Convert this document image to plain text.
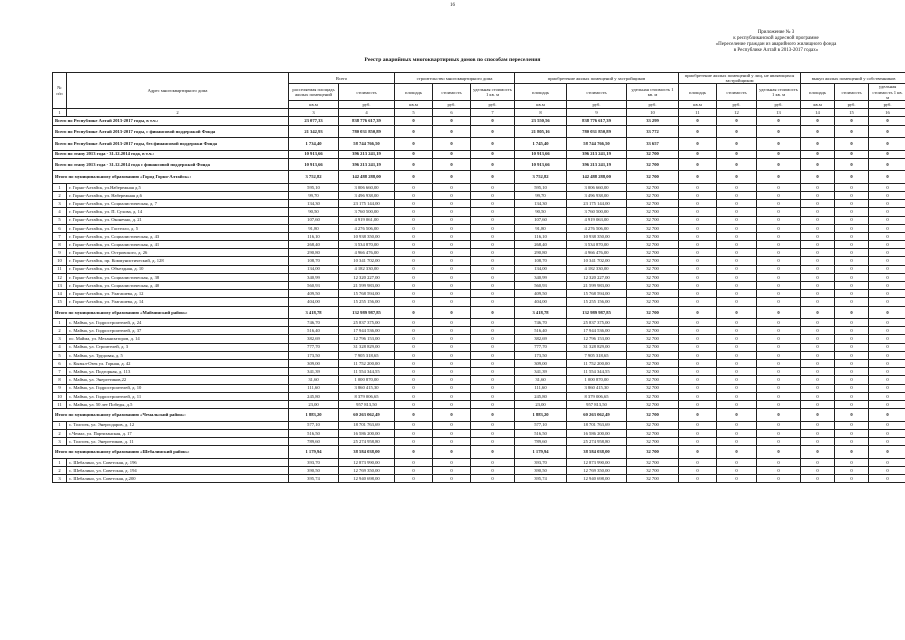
16
Приложение № 3
к республиканской адресной программе
«Переселение граждан из аварийного жилищного фонда
в Республике Алтай в 2013-2017 годах»
Реестр аварийных многоквартирных домов по способам переселения
№ п/п	Адрес многоквартирного дома	Всего		строительство многоквартирного дома			приобретение жилых помещений у застройщиков			приобретение жилых помещений у лиц, не являющихся застройщиком			выкуп жилых помещений у собственников		
		расселяемая площадь жилых помещений	стоимость	площадь	стоимость	удельная стоимость 1 кв. м	площадь	стоимость	удельная стоимость 1 кв. м	площадь	стоимость	удельная стоимость 1 кв. м	площадь	стоимость	удельная стоимость 1 кв. м
		кв.м	руб.	кв.м	руб.	руб.	кв.м	руб.	руб.	кв.м	руб.	руб.	кв.м	руб.	руб.
1	2	3	4	5	6	7	8	9	10	11	12	13	14	15	16
Всего по Республике Алтай 2013-2017 годы, в т.ч.:		23 077,33	838 776 617,39	0	0	0	23 550,56	838 776 617,39	33 299	0	0	0	0	0	0
Всего по Республике Алтай 2013-2017 годы, с финансовой поддержкой Фонда		21 342,93	780 031 850,89	0	0	0	21 805,16	780 031 850,89	33 772	0	0	0	0	0	0
Всего по Республике Алтай 2013-2017 годы, без финансовой поддержки Фонда		1 734,40	58 744 766,50	0	0	0	1 745,40	58 744 766,50	33 657	0	0	0	0	0	0
Всего по этапу 2013 года - 31.12.2014 года, в т.ч.:		10 913,66	396 213 241,19	0	0	0	10 913,66	396 213 241,19	32 700	0	0	0	0	0	0
Всего по этапу 2013 года - 31.12.2014 года с финансовой поддержкой Фонда		10 913,66	396 213 241,19	0	0	0	10 913,66	396 213 241,19	32 700	0	0	0	0	0	0
Итого по муниципальному образованию «Город Горно-Алтайск»:		3 752,82	142 488 288,00	0	0	0	3 752,82	142 488 288,00	32 700	0	0	0	0	0	0
1	г. Горно-Алтайск, ул.Набережная д.5	595,10	3 006 660,00	0	0	0	595,10	3 006 660,00	32 700	0	0	0	0	0	0
2	г. Горно-Алтайск, ул. Набережная д.6	99,70	3 496 938,00	0	0	0	99,70	3 496 938,00	32 700	0	0	0	0	0	0
3	г. Горно-Алтайск, ул. Социалистическая, д. 7	134,30	23 175 144,00	0	0	0	134,30	23 175 144,00	32 700	0	0	0	0	0	0
4	г. Горно-Алтайск, ул. П. Сухова, д. 14	90,50	3 760 500,00	0	0	0	90,50	3 760 500,00	32 700	0	0	0	0	0	0
5	г. Горно-Алтайск, ул. Оконечно, д. 21	107,60	4 919 061,00	0	0	0	107,60	4 919 063,00	32 700	0	0	0	0	0	0
6	г. Горно-Алтайск, ул. Гастелло, д. 5	91,80	4 276 506,00	0	0	0	91,80	4 276 506,00	32 700	0	0	0	0	0	0
7	г. Горно-Алтайск, ул. Социалистическая, д. 43	116,10	10 938 350,00	0	0	0	116,10	10 938 350,00	32 700	0	0	0	0	0	0
8	г. Горно-Алтайск, ул. Социалистическая, д. 41	268,40	3 534 870,00	0	0	0	268,40	3 534 870,00	32 700	0	0	0	0	0	0
9	г. Горно-Алтайск, ул. Островского, д. 26	290,80	4 966 476,00	0	0	0	290,80	4 966 476,00	32 700	0	0	0	0	0	0
10	г. Горно-Алтайск, пр. Коммунистический, д. 128	108,70	10 341 702,00	0	0	0	108,70	10 341 702,00	32 700	0	0	0	0	0	0
11	г. Горно-Алтайск, ул. Объездная, д. 10	134,00	4 182 330,00	0	0	0	134,00	4 182 330,00	32 700	0	0	0	0	0	0
12	г. Горно-Алтайск, ул. Социалистическая, д. 38	340,99	12 320 227,00	0	0	0	340,99	12 320 227,00	32 700	0	0	0	0	0	0
13	г. Горно-Алтайск, ул. Социалистическая, д. 40	560,93	21 599 983,00	0	0	0	560,93	21 599 983,00	32 700	0	0	0	0	0	0
14	г. Горно-Алтайск, ул. Улагашева, д. 12	409,50	15 768 594,00	0	0	0	409,50	15 768 594,00	32 700	0	0	0	0	0	0
15	г. Горно-Алтайск, ул. Улагашева, д. 14	404,00	15 255 156,00	0	0	0	404,00	15 255 156,00	32 700	0	0	0	0	0	0
Итого по муниципальному образованию «Майминский район»:		3 418,78	132 989 987,85	0	0	0	3 418,78	132 989 987,85	32 700	0	0	0	0	0	0
1	с. Майма, ул. Гидростроителей, д. 24	746,70	25 837 375,00	0	0	0	746,70	25 837 375,00	32 700	0	0	0	0	0	0
2	с. Майма, ул. Гидростроителей, д. 37	516,40	17 944 536,00	0	0	0	516,40	17 944 536,00	32 700	0	0	0	0	0	0
3	пс. Майма, ул. Механизаторов, д. 14	382,69	12 796 153,00	0	0	0	382,69	12 796 153,00	32 700	0	0	0	0	0	0
4	с. Майма, ул. Строителей, д. 3	777,70	31 328 829,00	0	0	0	777,70	31 328 829,00	32 700	0	0	0	0	0	0
5	с. Майма, ул. Трудовая, д. 5	173,50	7 905 318,65	0	0	0	173,50	7 905 318,65	32 700	0	0	0	0	0	0
6	с. Кызыл-Озек ул. Горная, д. 42	309,00	11 752 200,00	0	0	0	309,00	11 752 200,00	32 700	0	0	0	0	0	0
7	с. Майма, ул. Подгорная, д. 113	341,39	11 554 344,55	0	0	0	341,39	11 554 344,55	32 700	0	0	0	0	0	0
8	с. Майма, ул. Энергетиков,22	31,60	1 000 870,00	0	0	0	31,60	1 000 870,00	32 700	0	0	0	0	0	0
9	с. Майма, ул. Гидростроителей, д. 10	111,60	3 860 415,30	0	0	0	111,60	3 860 415,30	32 700	0	0	0	0	0	0
10	с. Майма, ул. Гидростроителей, д. 11	245,80	8 379 006,65	0	0	0	245,80	8 379 006,65	32 700	0	0	0	0	0	0
11	с. Майма, ул. 50 лет Победы, д.5	23,00	957 813,50	0	0	0	23,00	957 813,50	32 700	0	0	0	0	0	0
Итого по муниципальному образованию «Чемальский район»:		1 883,20	60 263 062,49	0	0	0	1 883,20	60 263 062,49	32 700	0	0	0	0	0	0
1	с. Толгоек, ул. Энергодаров, д. 12	577,10	18 701 763,69	0	0	0	577,10	18 701 763,69	32 700	0	0	0	0	0	0
2	с.Чемал, ул. Партизанская, д. 17	516,50	16 586 200,00	0	0	0	516,50	16 586 200,00	32 700	0	0	0	0	0	0
3	с. Толгоек, ул. Энергетиков, д. 11	789,60	25 274 958,80	0	0	0	789,60	25 274 958,80	32 700	0	0	0	0	0	0
Итого по муниципальному образованию «Шебалинский район»:		1 179,94	38 584 038,00	0	0	0	1 179,94	38 584 038,00	32 700	0	0	0	0	0	0
1	с. Шебалино, ул. Советская, д. 196	393,70	12 873 990,00	0	0	0	393,70	12 873 990,00	32 700	0	0	0	0	0	0
2	с. Шебалино, ул. Советская, д. 194	390,50	12 769 350,00	0	0	0	390,50	12 769 350,00	32 700	0	0	0	0	0	0
3	с. Шебалино, ул. Советская, д.200	395,74	12 940 698,00	0	0	0	395,74	12 940 698,00	32 700	0	0	0	0	0	0
